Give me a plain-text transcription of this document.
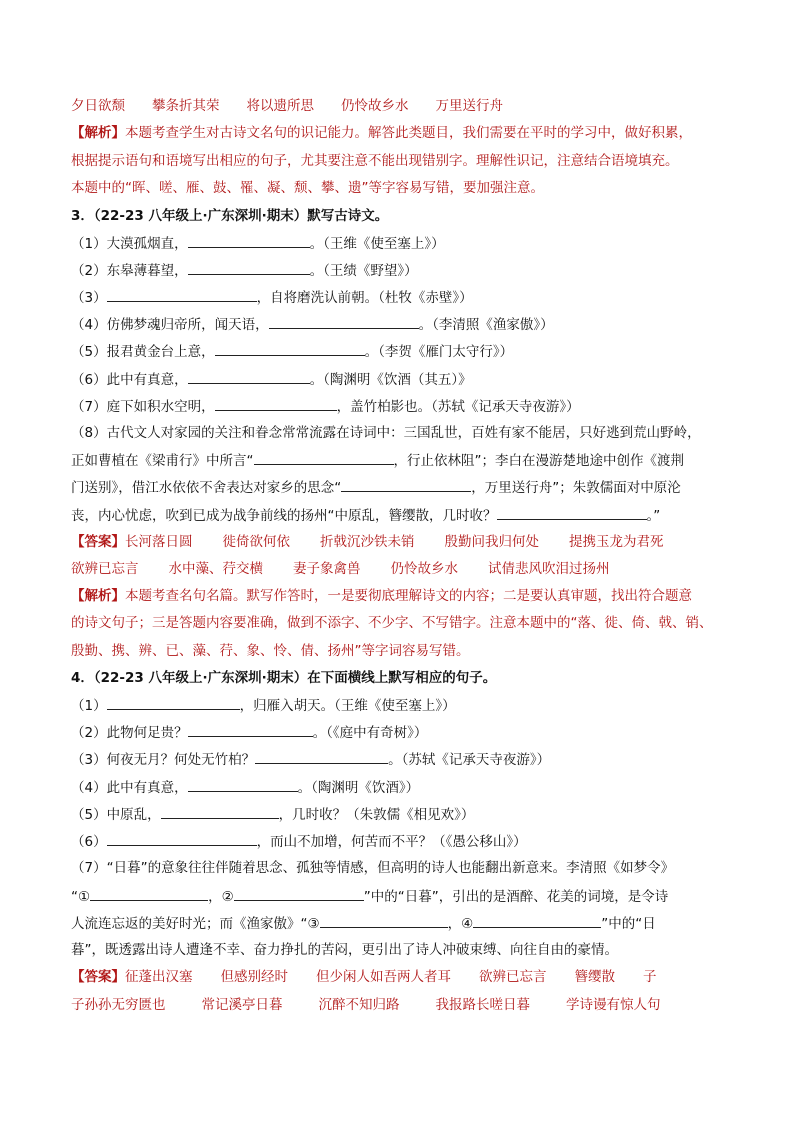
夕日欲颓　　攀条折其荣　　将以遗所思　　仍怜故乡水　　万里送行舟
【解析】本题考查学生对古诗文名句的识记能力。解答此类题目，我们需要在平时的学习中，做好积累，
根据提示语句和语境写出相应的句子，尤其要注意不能出现错别字。理解性识记，注意结合语境填充。
本题中的“晖、嗟、雁、鼓、罹、凝、颓、攀、遗”等字容易写错，要加强注意。
3．（22-23 八年级上·广东深圳·期末）默写古诗文。
（1）大漠孤烟直，	。（王维《使至塞上》）
（2）东皋薄暮望，	。（王绩《野望》）
（3）	，自将磨洗认前朝。（杜牧《赤壁》）
（4）仿佛梦魂归帝所，闻天语，	。（李清照《渔家傲》）
（5）报君黄金台上意，	。（李贺《雁门太守行》）
（6）此中有真意，	。（陶渊明《饮酒（其五）》
（7）庭下如积水空明，	，盖竹柏影也。（苏轼《记承天寺夜游》）
（8）古代文人对家园的关注和眷念常常流露在诗词中：三国乱世，百姓有家不能居，只好逃到荒山野岭，
正如曹植在《梁甫行》中所言“	，行止依林阻”；李白在漫游楚地途中创作《渡荆
门送别》，借江水依依不舍表达对家乡的思念“	，万里送行舟”；朱敦儒面对中原沦
丧，内心忧虑，吹到已成为战争前线的扬州“中原乱，簪缨散，几时收？	。”
【答案】长河落日圆 徙倚欲何依 折戟沉沙铁未销 殷勤问我归何处 提携玉龙为君死
欲辨已忘言 水中藻、荇交横 妻子象禽兽 仍怜故乡水 试倩悲风吹泪过扬州
【解析】本题考查名句名篇。默写作答时，一是要彻底理解诗文的内容；二是要认真审题，找出符合题意
的诗文句子；三是答题内容要准确，做到不添字、不少字、不写错字。注意本题中的“落、徙、倚、戟、销、
殷勤、携、辨、已、藻、荇、象、怜、倩、扬州”等字词容易写错。
4．（22-23 八年级上·广东深圳·期末）在下面横线上默写相应的句子。
（1）	，归雁入胡天。（王维《使至塞上》）
（2）此物何足贵？	。（《庭中有奇树》）
（3）何夜无月？何处无竹柏？	。（苏轼《记承天寺夜游》）
（4）此中有真意，	。（陶渊明《饮酒》）
（5）中原乱，	，几时收？（朱敦儒《相见欢》）
（6）	，而山不加增，何苦而不平？（《愚公移山》）
（7）“日暮”的意象往往伴随着思念、孤独等情感，但高明的诗人也能翻出新意来。李清照《如梦令》
“①	，②	”中的“日暮”，引出的是酒醉、花美的词境，是令诗
人流连忘返的美好时光；而《渔家傲》“③	，④	”中的“日
暮”，既透露出诗人遭逢不幸、奋力挣扎的苦闷，更引出了诗人冲破束缚、向往自由的豪情。
【答案】征蓬出汉塞 但感别经时 但少闲人如吾两人者耳 欲辨已忘言 簪缨散 子
子孙孙无穷匮也	常记溪亭日暮	沉醉不知归路	我报路长嗟日暮	学诗谩有惊人句
